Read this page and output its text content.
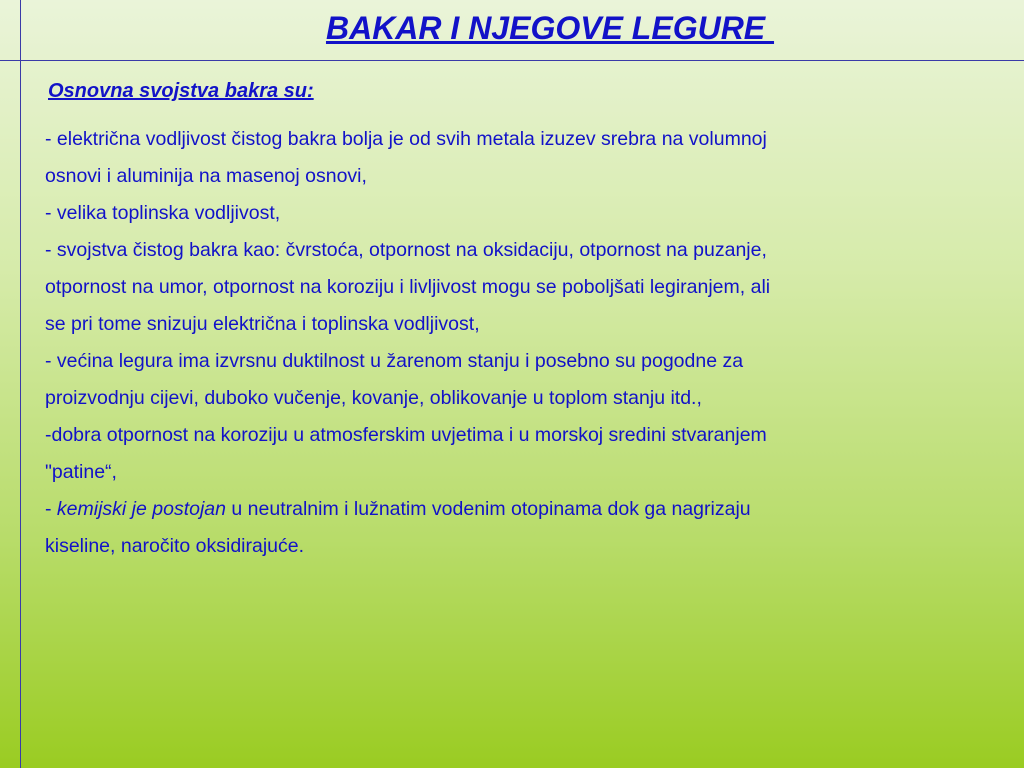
BAKAR I NJEGOVE LEGURE
Osnovna svojstva bakra su:
- električna vodljivost čistog bakra bolja je od svih metala izuzev srebra na volumnoj
osnovi i aluminija na masenoj osnovi,
- velika toplinska vodljivost,
- svojstva čistog bakra kao: čvrstoća, otpornost na oksidaciju, otpornost na puzanje,
otpornost na umor, otpornost na koroziju i livljivost mogu se poboljšati legiranjem, ali
se pri tome snizuju električna i toplinska vodljivost,
- većina legura ima izvrsnu duktilnost u žarenom stanju i posebno su pogodne za
proizvodnju cijevi, duboko vučenje, kovanje, oblikovanje u toplom stanju itd.,
-dobra otpornost na koroziju u atmosferskim uvjetima i u morskoj sredini stvaranjem
"patine“,
- kemijski je postojan u neutralnim i lužnatim vodenim otopinama dok ga nagrizaju
kiseline, naročito oksidirajuće.
